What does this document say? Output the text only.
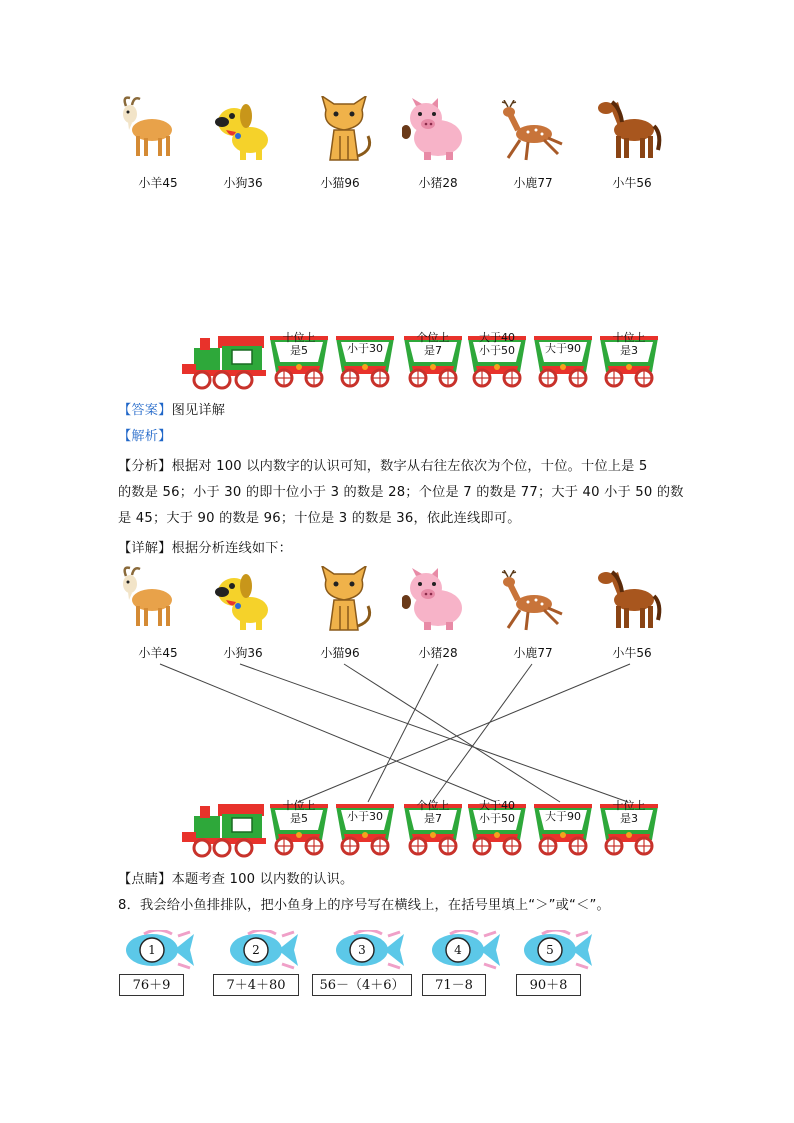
小羊45	小狗36	小猫96	小猪28	小鹿77	小牛56
十位上
是5	小于30
个位上
是7
大于40
小于50	大于90
十位上
是3
【答案】图见详解
【解析】
【分析】根据对 100 以内数字的认识可知，数字从右往左依次为个位，十位。十位上是 5
的数是 56；小于 30 的即十位小于 3 的数是 28；个位是 7 的数是 77；大于 40 小于 50 的数
是 45；大于 90 的数是 96；十位是 3 的数是 36，依此连线即可。
【详解】根据分析连线如下：
小羊45	小狗36	小猫96	小猪28	小鹿77	小牛56
十位上
是5	小于30
个位上
是7
大于40
小于50	大于90
十位上
是3
【点睛】本题考查 100 以内数的认识。
8．我会给小鱼排排队，把小鱼身上的序号写在横线上，在括号里填上“＞”或“＜”。
1
76＋9
2
7＋4＋80
3
56－（4＋6）
4
71－8
5
90＋8
